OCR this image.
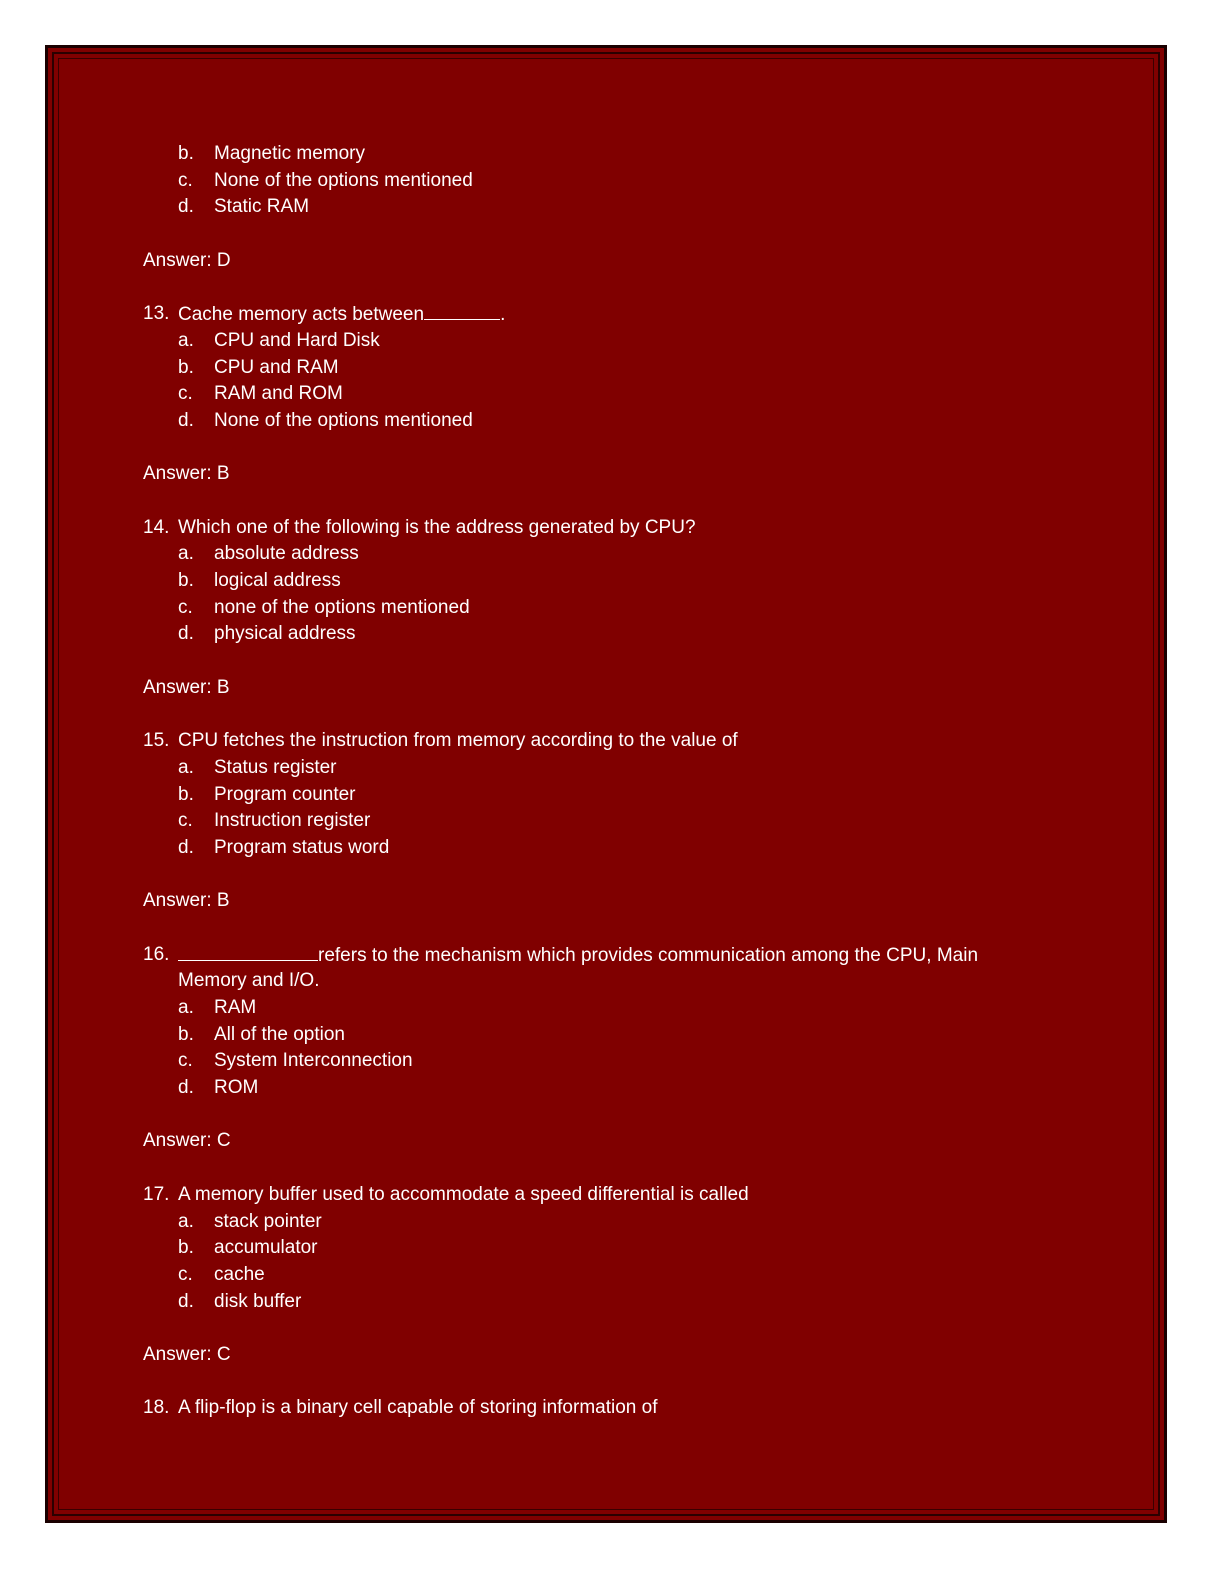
b.	Magnetic memory
c.	None of the options mentioned
d.	Static RAM
Answer: D
13. Cache memory acts between	.
a.	CPU and Hard Disk
b.	CPU and RAM
c.	RAM and ROM
d.	None of the options mentioned
Answer: B
14. Which one of the following is the address generated by CPU?
a.	absolute address
b.	logical address
c.	none of the options mentioned
d.	physical address
Answer: B
15. CPU fetches the instruction from memory according to the value of
a.	Status register
b.	Program counter
c.	Instruction register
d.	Program status word
Answer: B
16.	refers to the mechanism which provides communication among the CPU, Main
Memory and I/O.
a.	RAM
b.	All of the option
c.	System Interconnection
d.	ROM
Answer: C
17. A memory buffer used to accommodate a speed differential is called
a.	stack pointer
b.	accumulator
c.	cache
d.	disk buffer
Answer: C
18. A flip-flop is a binary cell capable of storing information of
